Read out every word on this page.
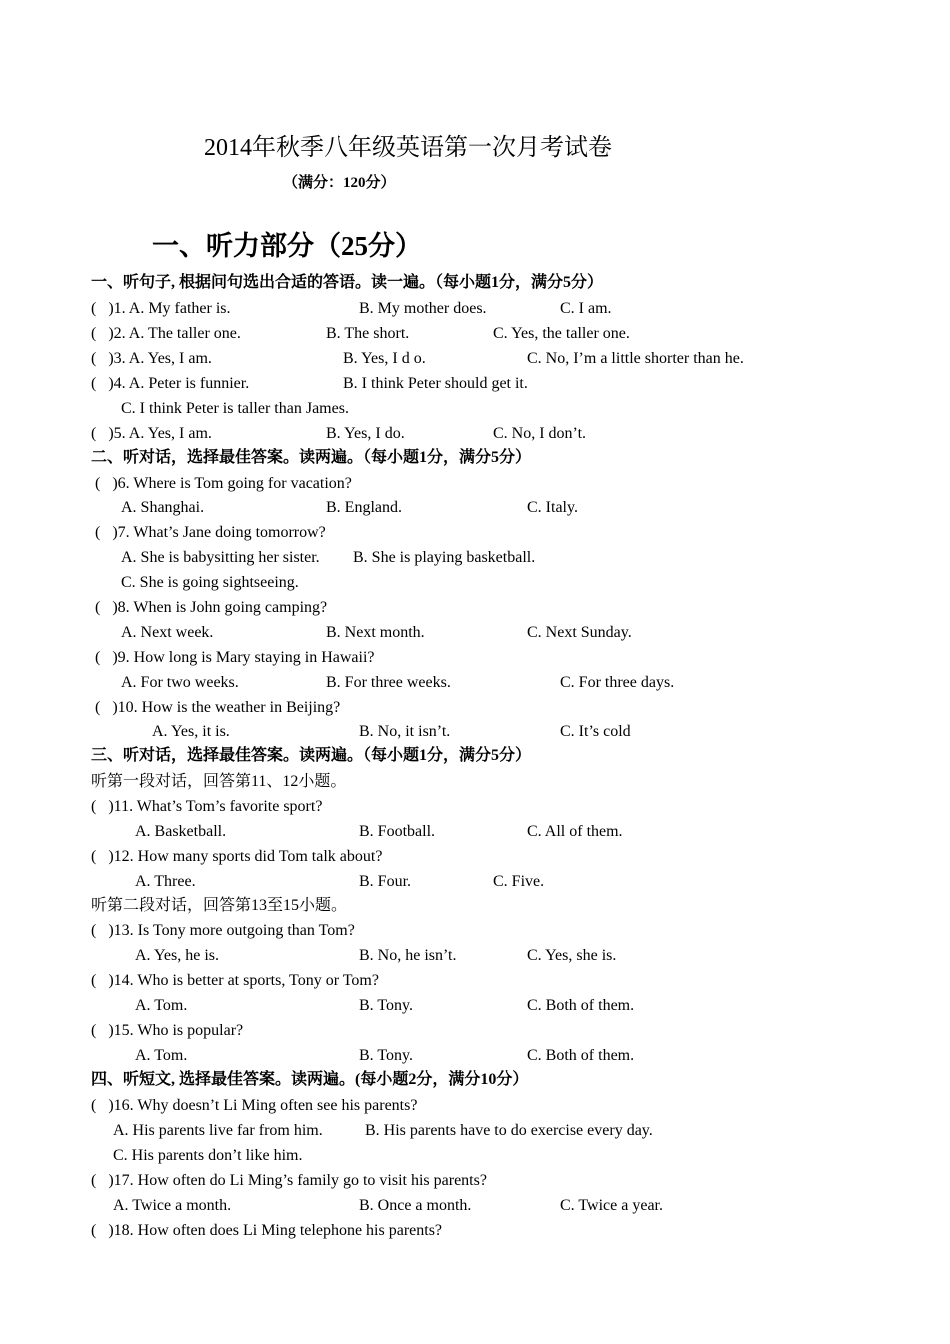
2014年秋季八年级英语第一次月考试卷
（满分：120分）
一、听力部分（25分）
一、听句子, 根据问句选出合适的答语。读一遍。（每小题1分，满分5分）
(   )1. A. My father is.	B. My mother does.	C. I am.
(   )2. A. The taller one.	B. The short.	C. Yes, the taller one.
(   )3. A. Yes, I am.	B. Yes, I d o.	C. No, I’m a little shorter than he.
(   )4. A. Peter is funnier.	B. I think Peter should get it.
C. I think Peter is taller than James.
(   )5. A. Yes, I am.	B. Yes, I do.	C. No, I don’t.
二、听对话，选择最佳答案。读两遍。（每小题1分，满分5分）
(   )6. Where is Tom going for vacation?
A. Shanghai.	B. England.	C. Italy.
(   )7. What’s Jane doing tomorrow?
A. She is babysitting her sister. B. She is playing basketball.
C. She is going sightseeing.
(   )8. When is John going camping?
A. Next week.	B. Next month.	C. Next Sunday.
(   )9. How long is Mary staying in Hawaii?
A. For two weeks.	B. For three weeks.	C. For three days.
(   )10. How is the weather in Beijing?
A. Yes, it is.	B. No, it isn’t.	C. It’s cold
三、听对话，选择最佳答案。读两遍。（每小题1分，满分5分）
听第一段对话，回答第11、12小题。
(   )11. What’s Tom’s favorite sport?
A. Basketball.	B. Football.	C. All of them.
(   )12. How many sports did Tom talk about?
A. Three.	B. Four.	C. Five.
听第二段对话，回答第13至15小题。
(   )13. Is Tony more outgoing than Tom?
A. Yes, he is.	B. No, he isn’t.	C. Yes, she is.
(   )14. Who is better at sports, Tony or Tom?
A. Tom.	B. Tony.	C. Both of them.
(   )15. Who is popular?
A. Tom.	B. Tony.	C. Both of them.
四、听短文, 选择最佳答案。读两遍。(每小题2分，满分10分）
(   )16. Why doesn’t Li Ming often see his parents?
A. His parents live far from him.	B. His parents have to do exercise every day.
C. His parents don’t like him.
(   )17. How often do Li Ming’s family go to visit his parents?
A. Twice a month.	B. Once a month.	C. Twice a year.
(   )18. How often does Li Ming telephone his parents?
